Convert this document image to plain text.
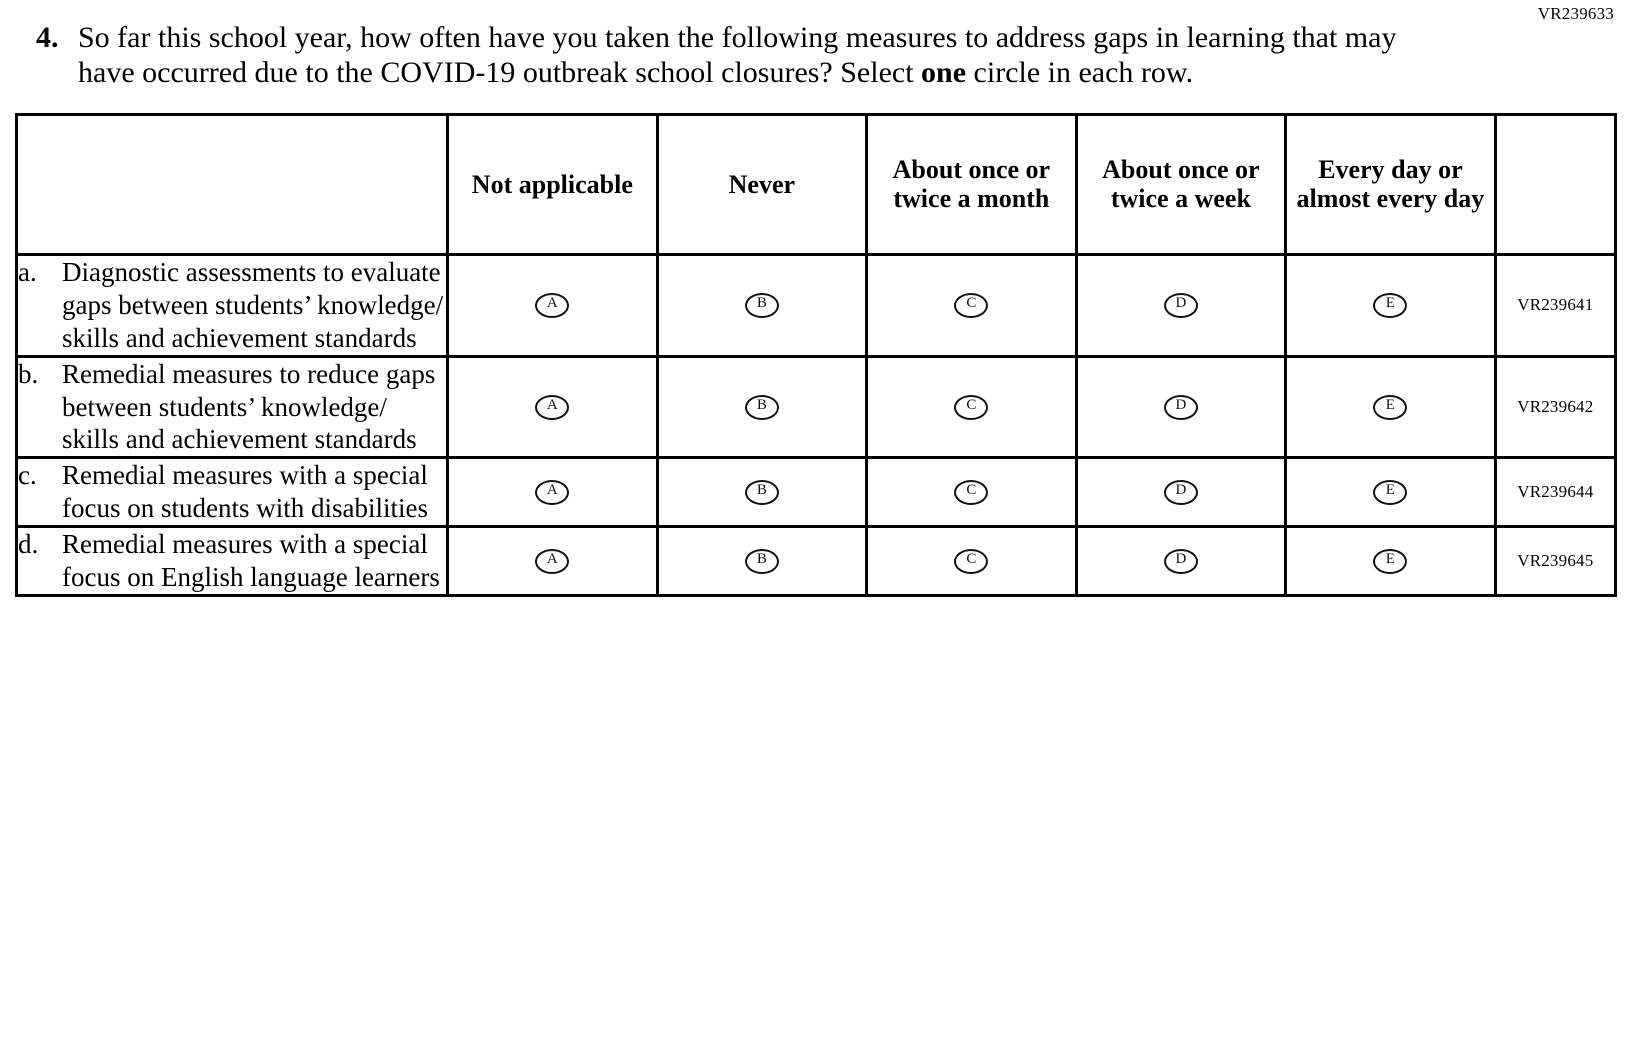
VR239633
4. So far this school year, how often have you taken the following measures to address gaps in learning that may have occurred due to the COVID-19 outbreak school closures? Select one circle in each row.
	Not applicable	Never	About once or twice a month	About once or twice a week	Every day or almost every day	

a. Diagnostic assessments to evaluate gaps between students’ knowledge/ skills and achievement standards	A	B	C	D	E	VR239641

b. Remedial measures to reduce gaps between students’ knowledge/ skills and achievement standards	A	B	C	D	E	VR239642

c. Remedial measures with a special focus on students with disabilities	A	B	C	D	E	VR239644

d. Remedial measures with a special focus on English language learners	A	B	C	D	E	VR239645
